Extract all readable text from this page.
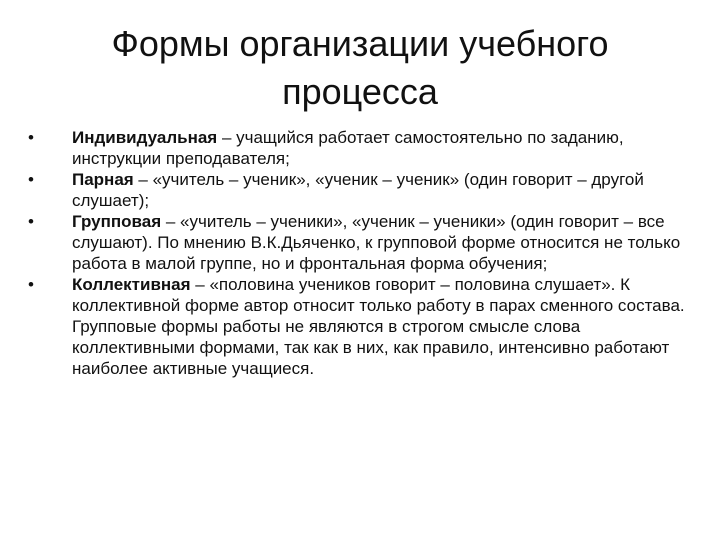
Формы организации учебного
процесса
•	Индивидуальная – учащийся работает самостоятельно по заданию, инструкции преподавателя;
•	Парная – «учитель – ученик», «ученик – ученик» (один говорит – другой слушает);
•	Групповая – «учитель – ученики», «ученик – ученики» (один говорит – все слушают). По мнению В.К.Дьяченко, к групповой форме относится не только работа в малой группе, но и фронтальная форма обучения;
•	Коллективная – «половина учеников говорит – половина слушает». К коллективной форме автор относит только работу в парах сменного состава. Групповые формы работы не являются в строгом смысле слова коллективными формами, так как в них, как правило, интенсивно работают наиболее активные учащиеся.
